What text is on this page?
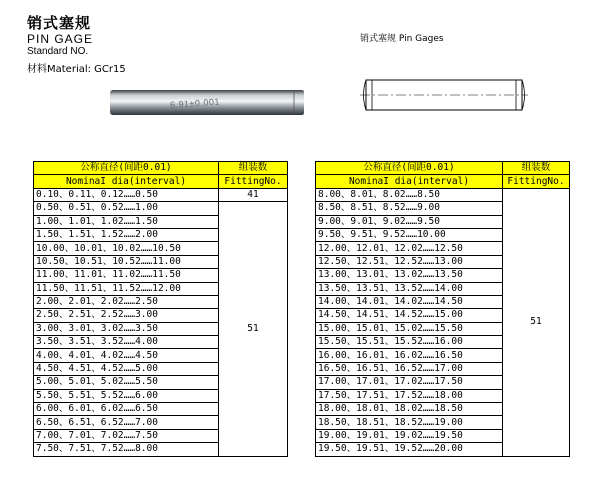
销式塞规
PIN GAGE
Standard NO.
材料Material: GCr15
6.91±0.001
销式塞规 Pin Gages
公称直径(间距0.01)	组装数
NominaI dia(interval)	FittingNo.
0.10、0.11、0.12……0.50	41
0.50、0.51、0.52……1.00	51
1.00、1.01、1.02……1.50	
1.50、1.51、1.52……2.00	
10.00、10.01、10.02……10.50	
10.50、10.51、10.52……11.00	
11.00、11.01、11.02……11.50	
11.50、11.51、11.52……12.00	
2.00、2.01、2.02……2.50	
2.50、2.51、2.52……3.00	
3.00、3.01、3.02……3.50	
3.50、3.51、3.52……4.00	
4.00、4.01、4.02……4.50	
4.50、4.51、4.52……5.00	
5.00、5.01、5.02……5.50	
5.50、5.51、5.52……6.00	
6.00、6.01、6.02……6.50	
6.50、6.51、6.52……7.00	
7.00、7.01、7.02……7.50	
7.50、7.51、7.52……8.00	
公称直径(间距0.01)	组装数
NominaI dia(interval)	FittingNo.
8.00、8.01、8.02……8.50	51
8.50、8.51、8.52……9.00	
9.00、9.01、9.02……9.50	
9.50、9.51、9.52……10.00	
12.00、12.01、12.02……12.50	
12.50、12.51、12.52……13.00	
13.00、13.01、13.02……13.50	
13.50、13.51、13.52……14.00	
14.00、14.01、14.02……14.50	
14.50、14.51、14.52……15.00	
15.00、15.01、15.02……15.50	
15.50、15.51、15.52……16.00	
16.00、16.01、16.02……16.50	
16.50、16.51、16.52……17.00	
17.00、17.01、17.02……17.50	
17.50、17.51、17.52……18.00	
18.00、18.01、18.02……18.50	
18.50、18.51、18.52……19.00	
19.00、19.01、19.02……19.50	
19.50、19.51、19.52……20.00	
